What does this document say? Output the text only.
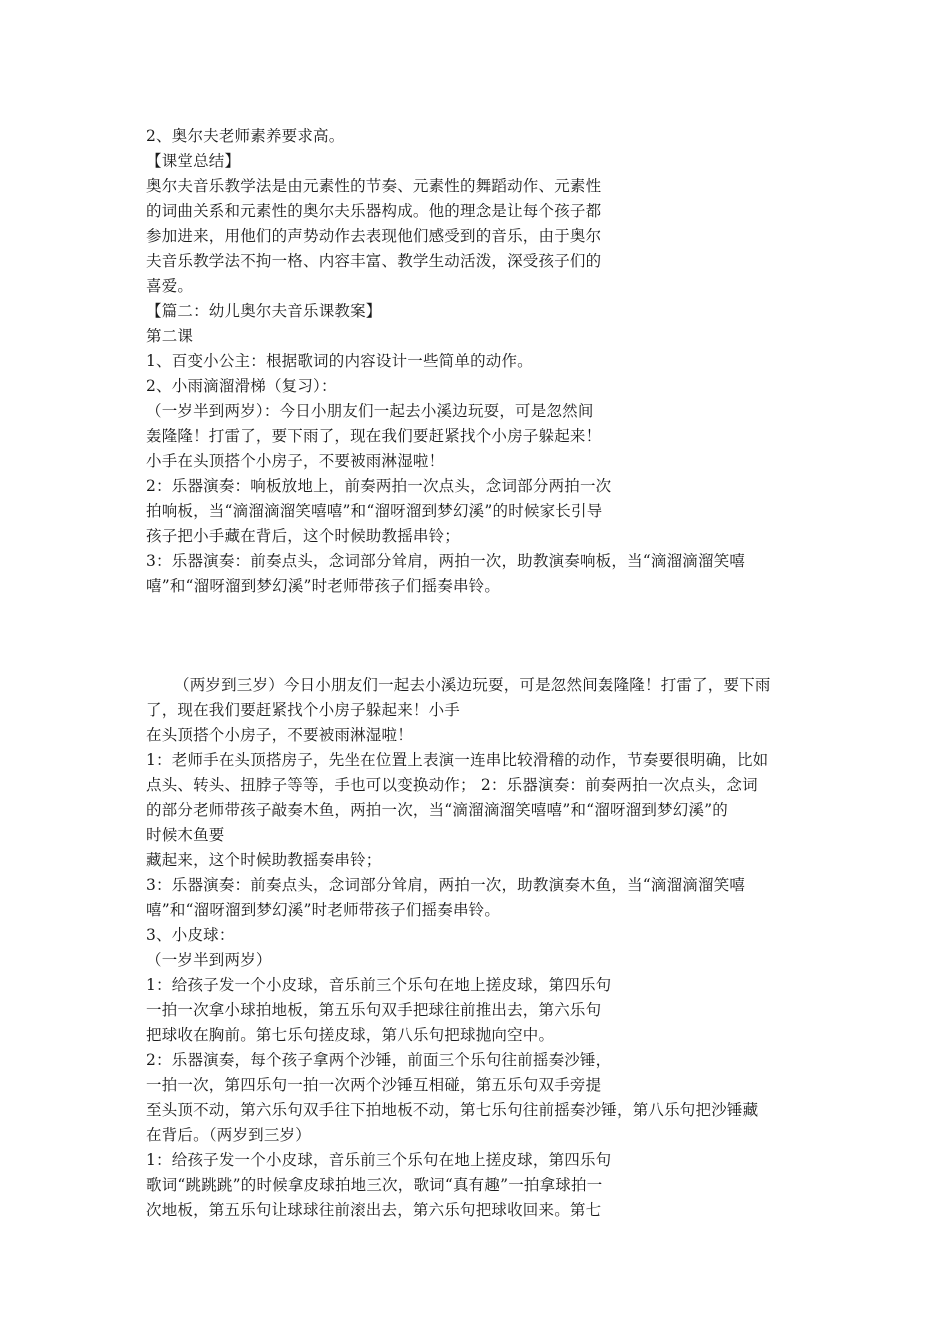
2、奥尔夫老师素养要求高。
【课堂总结】
奥尔夫音乐教学法是由元素性的节奏、元素性的舞蹈动作、元素性
的词曲关系和元素性的奥尔夫乐器构成。他的理念是让每个孩子都
参加进来，用他们的声势动作去表现他们感受到的音乐，由于奥尔
夫音乐教学法不拘一格、内容丰富、教学生动活泼，深受孩子们的
喜爱。
【篇二：幼儿奥尔夫音乐课教案】
第二课
1、百变小公主：根据歌词的内容设计一些简单的动作。
2、小雨滴溜滑梯（复习）：
（一岁半到两岁）：今日小朋友们一起去小溪边玩耍，可是忽然间
轰隆隆！打雷了，要下雨了，现在我们要赶紧找个小房子躲起来！
小手在头顶搭个小房子，不要被雨淋湿啦！
2：乐器演奏：响板放地上，前奏两拍一次点头，念词部分两拍一次
拍响板，当“滴溜滴溜笑嘻嘻”和“溜呀溜到梦幻溪”的时候家长引导
孩子把小手藏在背后，这个时候助教摇串铃；
3：乐器演奏：前奏点头，念词部分耸肩，两拍一次，助教演奏响板，当“滴溜滴溜笑嘻
嘻”和“溜呀溜到梦幻溪”时老师带孩子们摇奏串铃。
（两岁到三岁）今日小朋友们一起去小溪边玩耍，可是忽然间轰隆隆！打雷了，要下雨
了，现在我们要赶紧找个小房子躲起来！小手
在头顶搭个小房子，不要被雨淋湿啦！
1：老师手在头顶搭房子，先坐在位置上表演一连串比较滑稽的动作，节奏要很明确，比如
点头、转头、扭脖子等等，手也可以变换动作； 2：乐器演奏：前奏两拍一次点头，念词
的部分老师带孩子敲奏木鱼，两拍一次，当“滴溜滴溜笑嘻嘻”和“溜呀溜到梦幻溪”的
时候木鱼要
藏起来，这个时候助教摇奏串铃；
3：乐器演奏：前奏点头，念词部分耸肩，两拍一次，助教演奏木鱼，当“滴溜滴溜笑嘻
嘻”和“溜呀溜到梦幻溪”时老师带孩子们摇奏串铃。
3、小皮球：
（一岁半到两岁）
1：给孩子发一个小皮球，音乐前三个乐句在地上搓皮球，第四乐句
一拍一次拿小球拍地板，第五乐句双手把球往前推出去，第六乐句
把球收在胸前。第七乐句搓皮球，第八乐句把球抛向空中。
2：乐器演奏，每个孩子拿两个沙锤，前面三个乐句往前摇奏沙锤，
一拍一次，第四乐句一拍一次两个沙锤互相碰，第五乐句双手旁提
至头顶不动，第六乐句双手往下拍地板不动，第七乐句往前摇奏沙锤，第八乐句把沙锤藏
在背后。（两岁到三岁）
1：给孩子发一个小皮球，音乐前三个乐句在地上搓皮球，第四乐句
歌词“跳跳跳”的时候拿皮球拍地三次，歌词“真有趣”一拍拿球拍一
次地板，第五乐句让球球往前滚出去，第六乐句把球收回来。第七
